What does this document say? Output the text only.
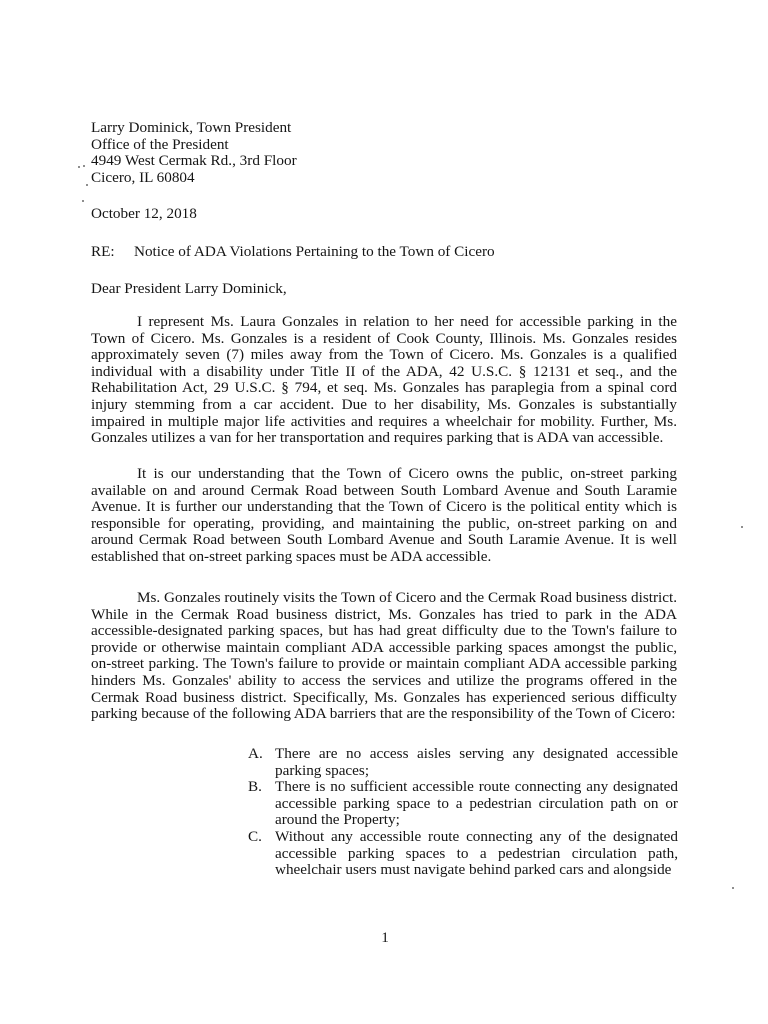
Larry Dominick, Town President
Office of the President
4949 West Cermak Rd., 3rd Floor
Cicero, IL 60804
October 12, 2018
RE: Notice of ADA Violations Pertaining to the Town of Cicero
Dear President Larry Dominick,

I represent Ms. Laura Gonzales in relation to her need for accessible parking in the Town of Cicero. Ms. Gonzales is a resident of Cook County, Illinois. Ms. Gonzales resides approximately seven (7) miles away from the Town of Cicero. Ms. Gonzales is a qualified individual with a disability under Title II of the ADA, 42 U.S.C. § 12131 et seq., and the Rehabilitation Act, 29 U.S.C. § 794, et seq. Ms. Gonzales has paraplegia from a spinal cord injury stemming from a car accident. Due to her disability, Ms. Gonzales is substantially impaired in multiple major life activities and requires a wheelchair for mobility. Further, Ms. Gonzales utilizes a van for her transportation and requires parking that is ADA van accessible.

It is our understanding that the Town of Cicero owns the public, on-street parking available on and around Cermak Road between South Lombard Avenue and South Laramie Avenue. It is further our understanding that the Town of Cicero is the political entity which is responsible for operating, providing, and maintaining the public, on-street parking on and around Cermak Road between South Lombard Avenue and South Laramie Avenue. It is well established that on-street parking spaces must be ADA accessible.

Ms. Gonzales routinely visits the Town of Cicero and the Cermak Road business district. While in the Cermak Road business district, Ms. Gonzales has tried to park in the ADA accessible-designated parking spaces, but has had great difficulty due to the Town's failure to provide or otherwise maintain compliant ADA accessible parking spaces amongst the public, on-street parking. The Town's failure to provide or maintain compliant ADA accessible parking hinders Ms. Gonzales' ability to access the services and utilize the programs offered in the Cermak Road business district. Specifically, Ms. Gonzales has experienced serious difficulty parking because of the following ADA barriers that are the responsibility of the Town of Cicero:

A. There are no access aisles serving any designated accessible parking spaces;
B. There is no sufficient accessible route connecting any designated accessible parking space to a pedestrian circulation path on or around the Property;
C. Without any accessible route connecting any of the designated accessible parking spaces to a pedestrian circulation path, wheelchair users must navigate behind parked cars and alongside
1
